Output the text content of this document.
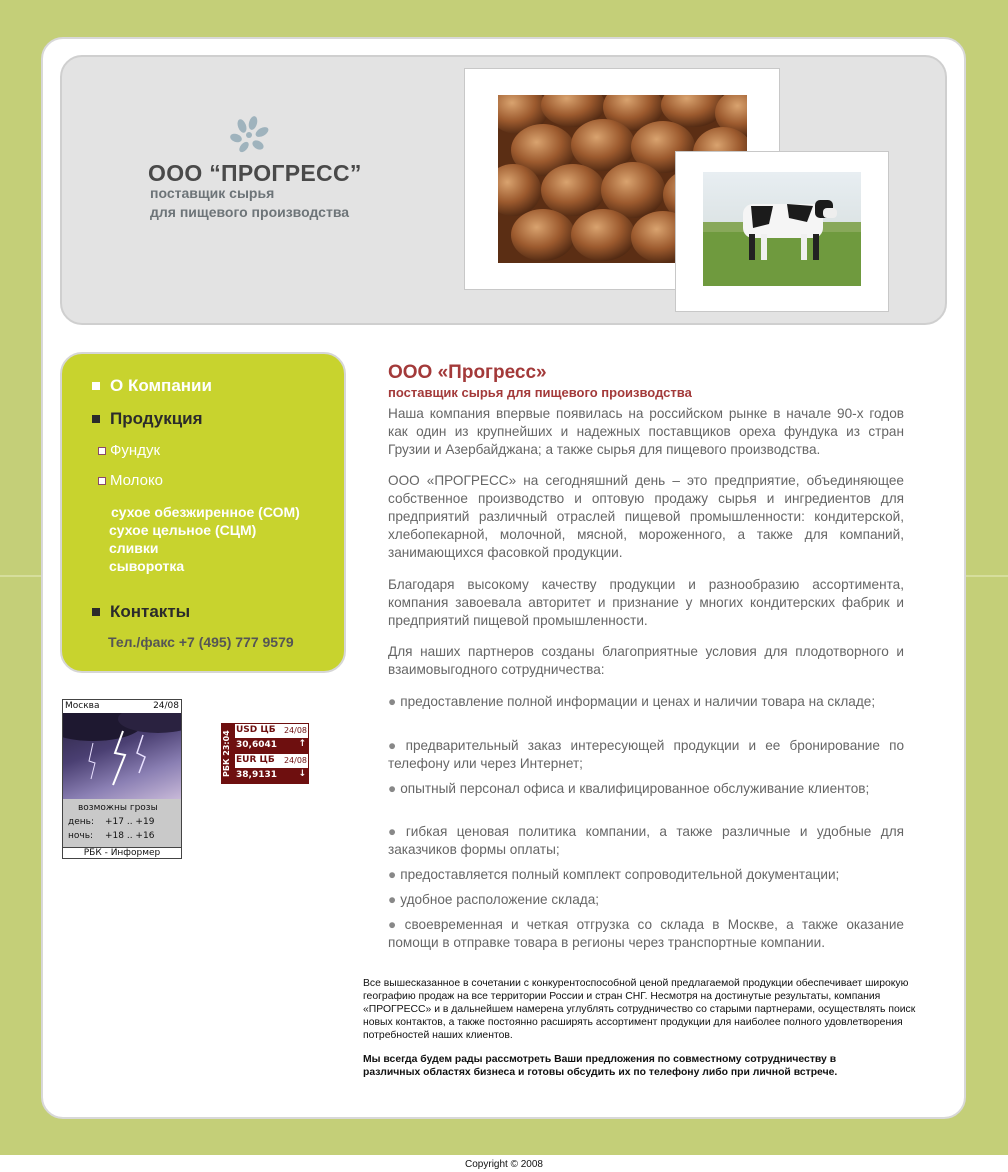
ООО “ПРОГРЕСС”
поставщик сырья
для пищевого производства
О Компании
Продукция
Фундук
Молоко
сухое обезжиренное (СОМ)
сухое цельное (СЦМ)
сливки
сыворотка
Контакты
Тел./факс +7 (495) 777 9579
Москва	24/08
возможны грозы
день: +17 .. +19
ночь: +18 .. +16
РБК - Информер
РБК 23:04
USD ЦБ 24/08
30,6041 ↑
EUR ЦБ 24/08
38,9131 ↓
ООО «Прогресс»
поставщик сырья для пищевого производства
Наша компания впервые появилась на российском рынке в начале 90-х годов как один из крупнейших и надежных поставщиков ореха фундука из стран Грузии и Азербайджана; а также сырья для пищевого производства.
ООО «ПРОГРЕСС» на сегодняшний день – это предприятие, объединяющее собственное производство и оптовую продажу сырья и ингредиентов для предприятий различный отраслей пищевой промышленности: кондитерской, хлебопекарной, молочной, мясной, мороженного, а также для компаний, занимающихся фасовкой продукции.
Благодаря высокому качеству продукции и разнообразию ассортимента, компания завоевала авторитет и признание у многих кондитерских фабрик и предприятий пищевой промышленности.
Для наших партнеров созданы благоприятные условия для плодотворного и взаимовыгодного сотрудничества:
● предоставление полной информации и ценах и наличии товара на складе;
● предварительный заказ интересующей продукции и ее бронирование по телефону или через Интернет;
● опытный персонал офиса и квалифицированное обслуживание клиентов;
● гибкая ценовая политика компании, а также различные и удобные для заказчиков формы оплаты;
● предоставляется полный комплект сопроводительной документации;
● удобное расположение склада;
● своевременная и четкая отгрузка со склада в Москве, а также оказание помощи в отправке товара в регионы через транспортные компании.
Все вышесказанное в сочетании с конкурентоспособной ценой предлагаемой продукции обеспечивает широкую географию продаж на все территории России и стран СНГ. Несмотря на достинутые результаты, компания «ПРОГРЕСС» и в дальнейшем намерена углублять сотрудничество со старыми партнерами, осуществлять поиск новых контактов, а также постоянно расширять ассортимент продукции для наиболее полного удовлетворения потребностей наших клиентов.
Мы всегда будем рады рассмотреть Ваши предложения по совместному сотрудничеству в различных областях бизнеса и готовы обсудить их по телефону либо при личной встрече.
Copyright © 2008
